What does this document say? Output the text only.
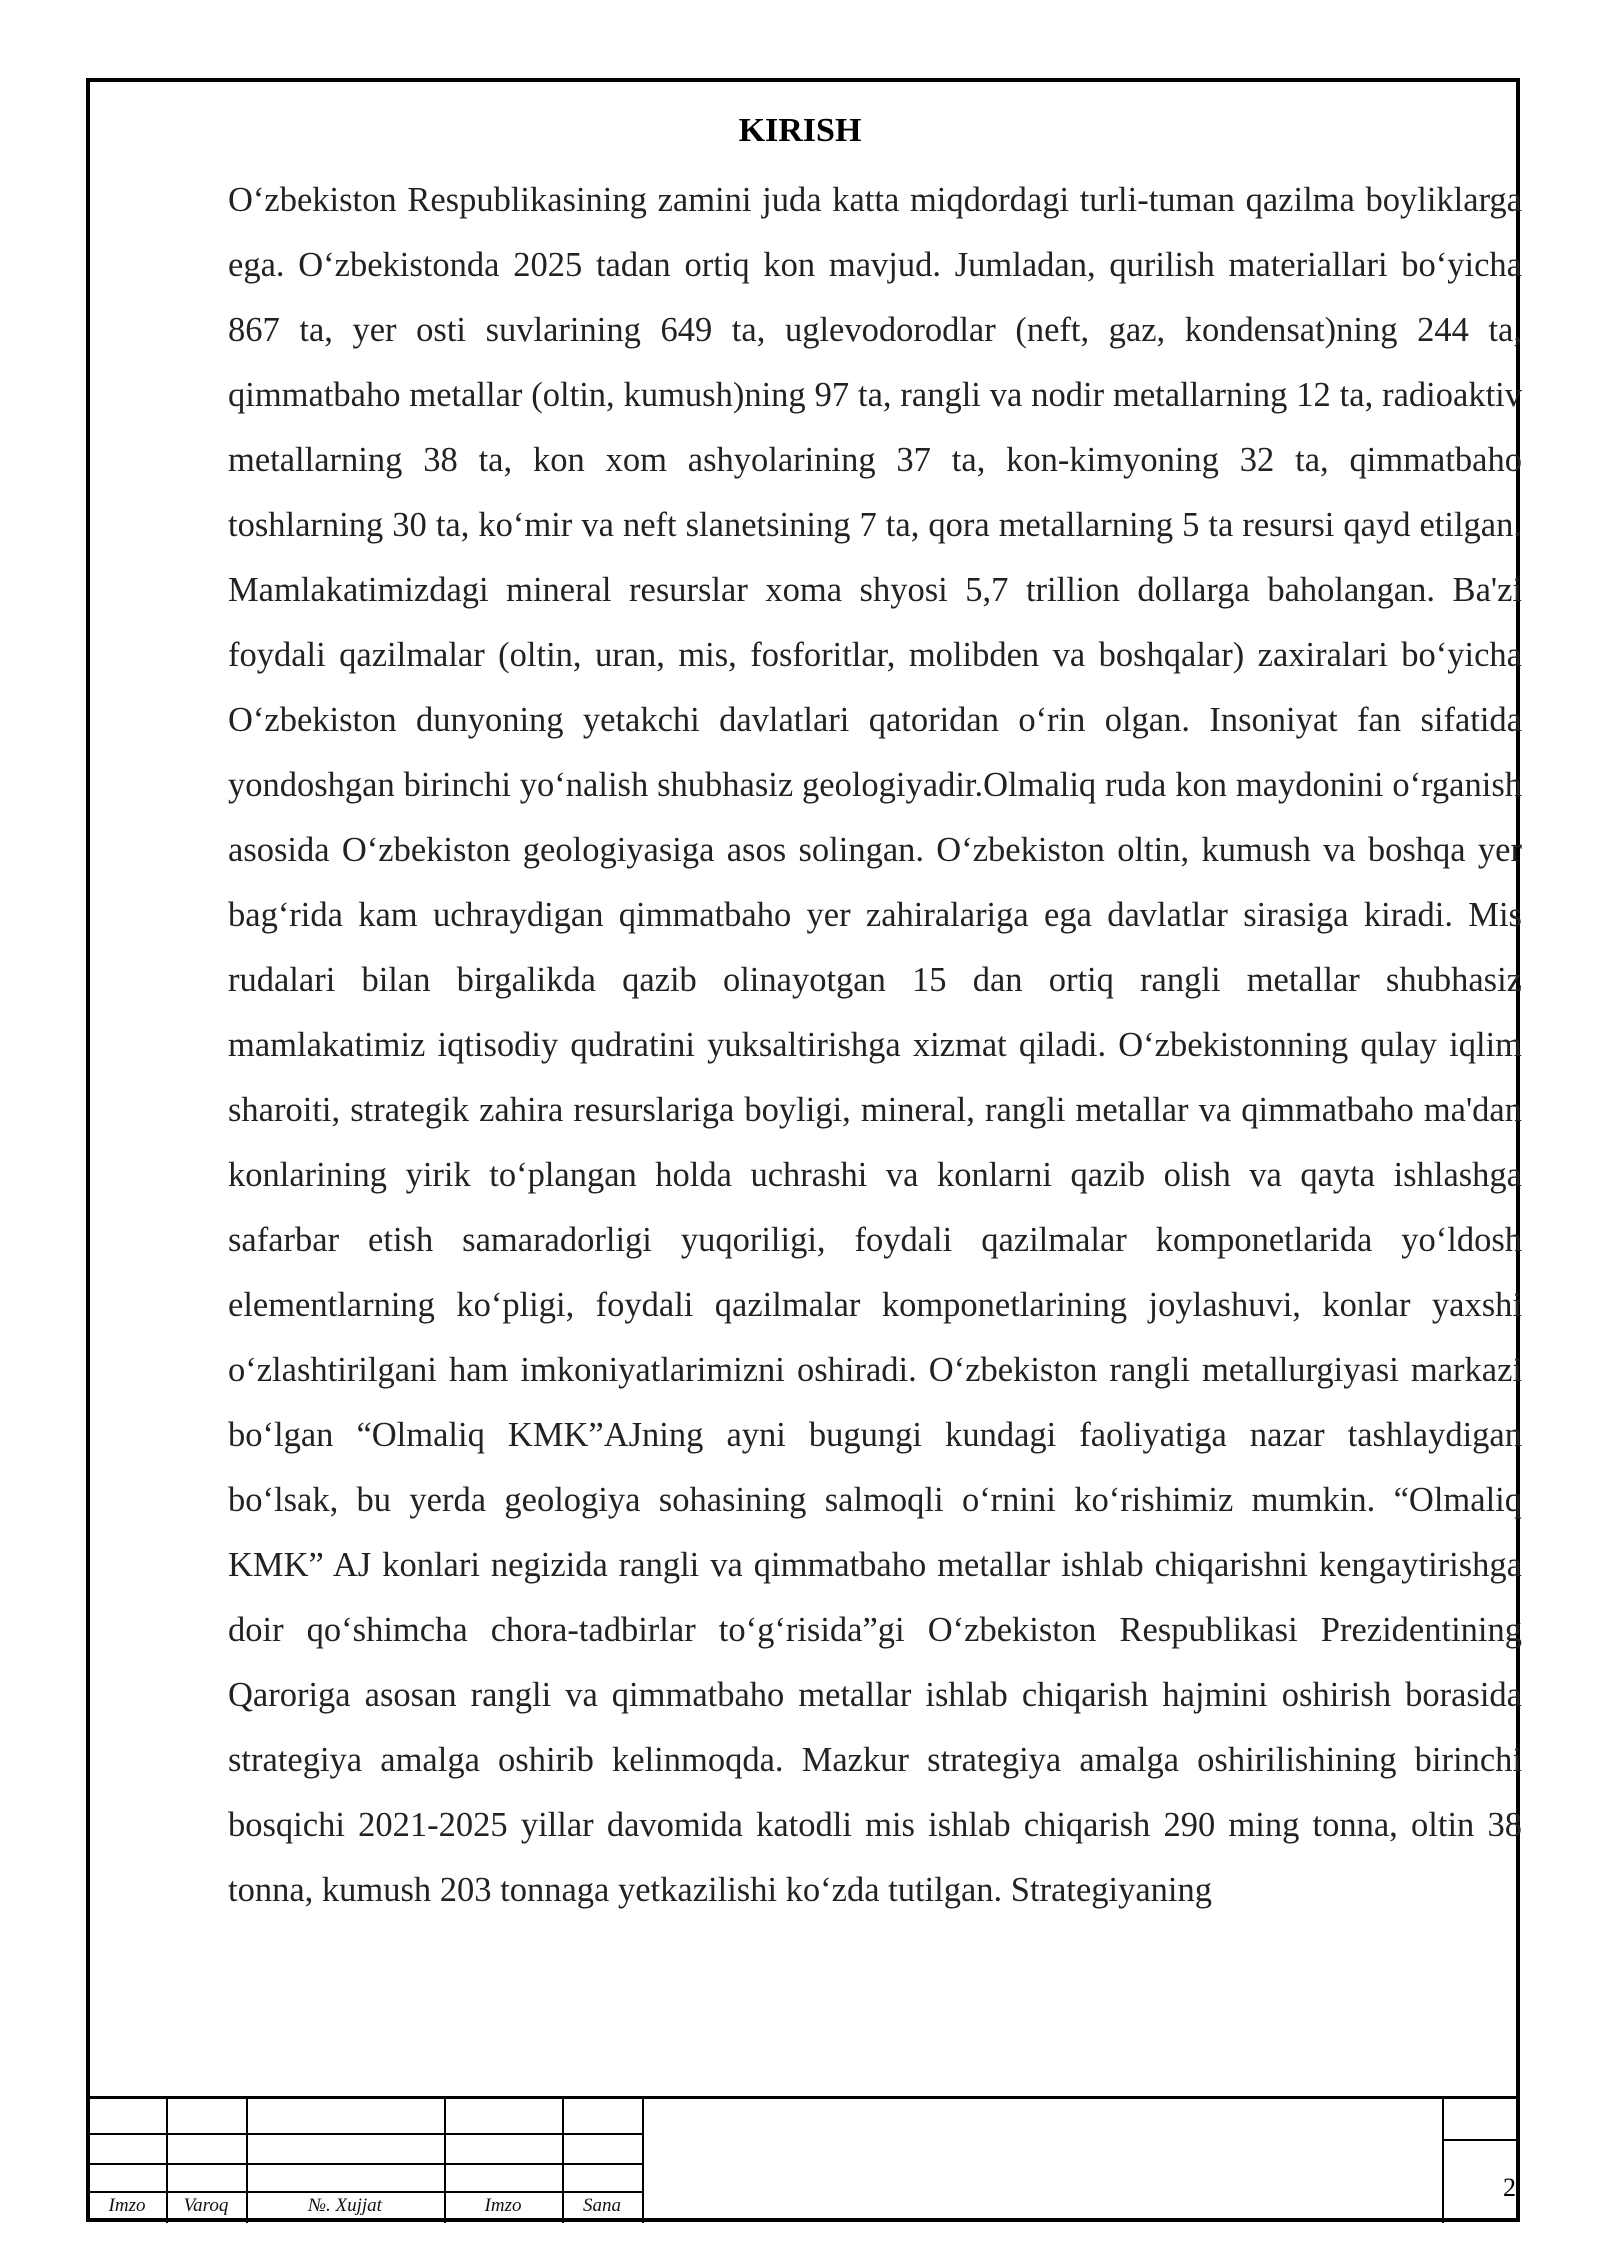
KIRISH

O‘zbekiston Respublikasining zamini juda katta miqdordagi turli-tuman qazilma boyliklarga ega. O‘zbekistonda 2025 tadan ortiq kon mavjud. Jumladan, qurilish materiallari bo‘yicha 867 ta, yer osti suvlarining 649 ta, uglevodorodlar (neft, gaz, kondensat)ning 244 ta, qimmatbaho metallar (oltin, kumush)ning 97 ta, rangli va nodir metallarning 12 ta, radioaktiv metallarning 38 ta, kon xom ashyolarining 37 ta, kon-kimyoning 32 ta, qimmatbaho toshlarning 30 ta, ko‘mir va neft slanetsining 7 ta, qora metallarning 5 ta resursi qayd etilgan. Mamlakatimizdagi mineral resurslar xoma shyosi 5,7 trillion dollarga baholangan. Ba'zi foydali qazilmalar (oltin, uran, mis, fosforitlar, molibden va boshqalar) zaxiralari bo‘yicha O‘zbekiston dunyoning yetakchi davlatlari qatoridan o‘rin olgan. Insoniyat fan sifatida yondoshgan birinchi yo‘nalish shubhasiz geologiyadir.Olmaliq ruda kon maydonini o‘rganish asosida O‘zbekiston geologiyasiga asos solingan. O‘zbekiston oltin, kumush va boshqa yer bag‘rida kam uchraydigan qimmatbaho yer zahiralariga ega davlatlar sirasiga kiradi. Mis rudalari bilan birgalikda qazib olinayotgan 15 dan ortiq rangli metallar shubhasiz mamlakatimiz iqtisodiy qudratini yuksaltirishga xizmat qiladi. O‘zbekistonning qulay iqlim sharoiti, strategik zahira resurslariga boyligi, mineral, rangli metallar va qimmatbaho ma'dan konlarining yirik to‘plangan holda uchrashi va konlarni qazib olish va qayta ishlashga safarbar etish samaradorligi yuqoriligi, foydali qazilmalar komponetlarida yo‘ldosh elementlarning ko‘pligi, foydali qazilmalar komponetlarining joylashuvi, konlar yaxshi o‘zlashtirilgani ham imkoniyatlarimizni oshiradi. O‘zbekiston rangli metallurgiyasi markazi bo‘lgan “Olmaliq KMK”AJning ayni bugungi kundagi faoliyatiga nazar tashlaydigan bo‘lsak, bu yerda geologiya sohasining salmoqli o‘rnini ko‘rishimiz mumkin. “Olmaliq KMK” AJ konlari negizida rangli va qimmatbaho metallar ishlab chiqarishni kengaytirishga doir qo‘shimcha chora-tadbirlar to‘g‘risida”gi O‘zbekiston Respublikasi Prezidentining Qaroriga asosan rangli va qimmatbaho metallar ishlab chiqarish hajmini oshirish borasida strategiya amalga oshirib kelinmoqda. Mazkur strategiya amalga oshirilishining birinchi bosqichi 2021-2025 yillar davomida katodli mis ishlab chiqarish 290 ming tonna, oltin 38 tonna, kumush 203 tonnaga yetkazilishi ko‘zda tutilgan. Strategiyaning

Imzo	Varoq	№. Xujjat	Imzo	Sana
2
